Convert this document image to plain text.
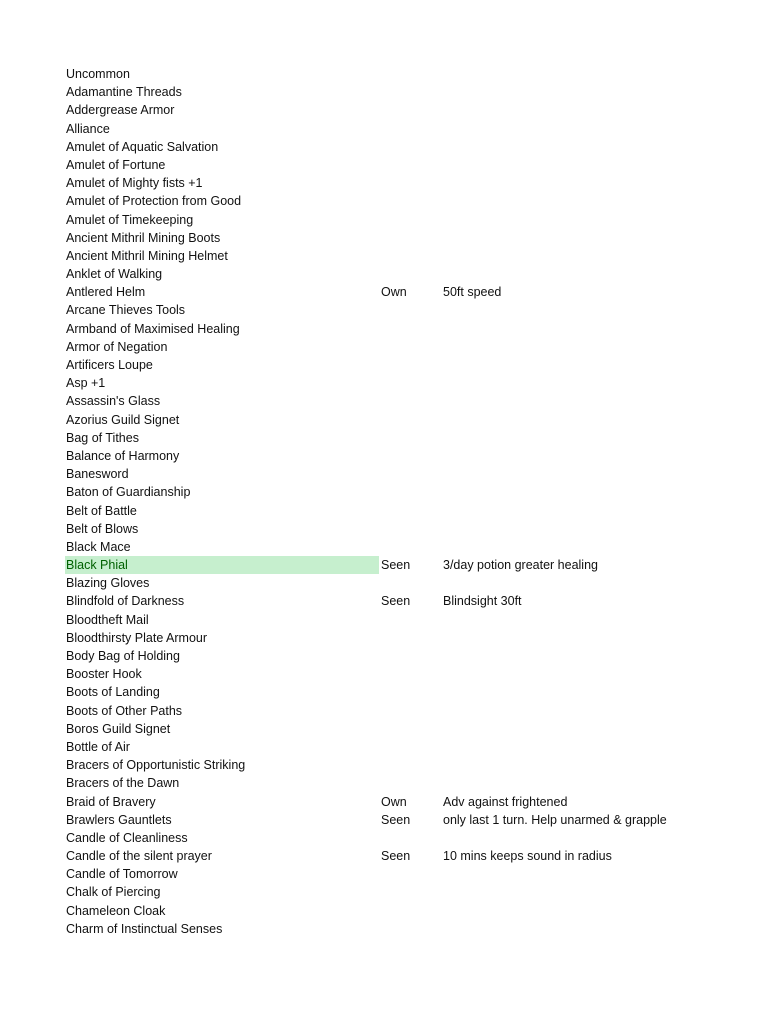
Uncommon
Adamantine Threads
Addergrease Armor
Alliance
Amulet of Aquatic Salvation
Amulet of Fortune
Amulet of Mighty fists +1
Amulet of Protection from Good
Amulet of Timekeeping
Ancient Mithril Mining Boots
Ancient Mithril Mining Helmet
Anklet of Walking
Antlered Helm	Own	50ft speed
Arcane Thieves Tools
Armband of Maximised Healing
Armor of Negation
Artificers Loupe
Asp +1
Assassin's Glass
Azorius Guild Signet
Bag of Tithes
Balance of Harmony
Banesword
Baton of Guardianship
Belt of Battle
Belt of Blows
Black Mace
Black Phial	Seen	3/day potion greater healing
Blazing Gloves
Blindfold of Darkness	Seen	Blindsight 30ft
Bloodtheft Mail
Bloodthirsty Plate Armour
Body Bag of Holding
Booster Hook
Boots of Landing
Boots of Other Paths
Boros Guild Signet
Bottle of Air
Bracers of Opportunistic Striking
Bracers of the Dawn
Braid of Bravery	Own	Adv against frightened
Brawlers Gauntlets	Seen	only last 1 turn. Help unarmed & grapple
Candle of Cleanliness
Candle of the silent prayer	Seen	10 mins keeps sound in radius
Candle of Tomorrow
Chalk of Piercing
Chameleon Cloak
Charm of Instinctual Senses
